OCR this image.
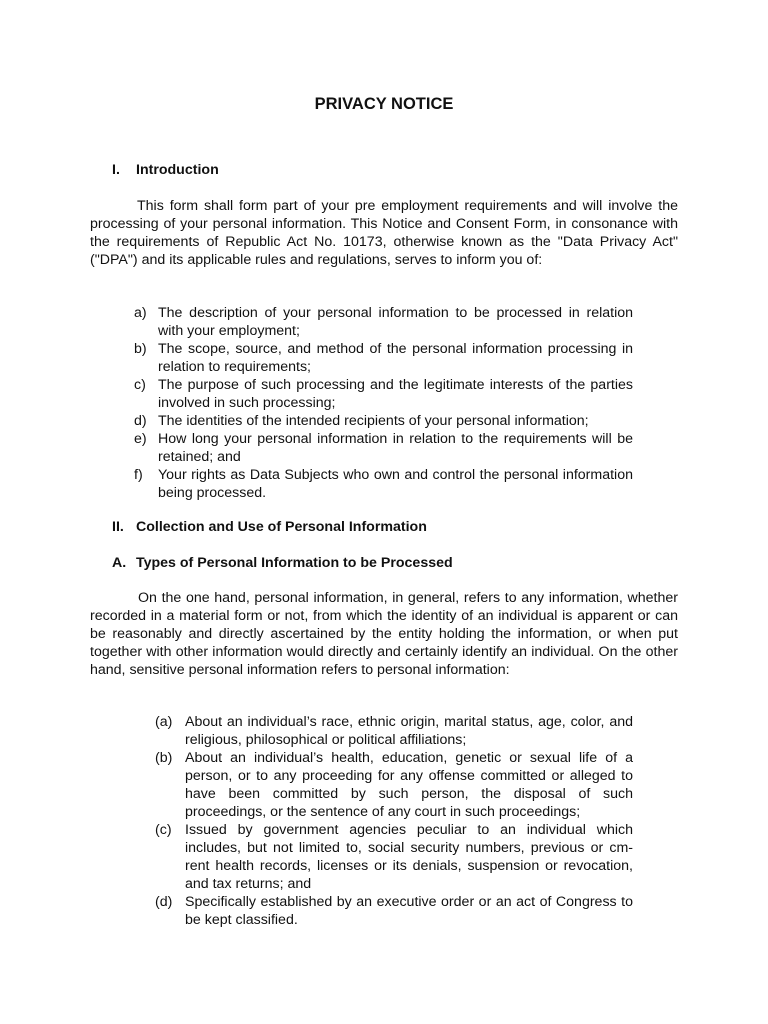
PRIVACY NOTICE

I. Introduction

This form shall form part of your pre employment requirements and will involve the processing of your personal information. This Notice and Consent Form, in consonance with the requirements of Republic Act No. 10173, otherwise known as the "Data Privacy Act" ("DPA") and its applicable rules and regulations, serves to inform you of:

a) The description of your personal information to be processed in relation with your employment;
b) The scope, source, and method of the personal information processing in relation to requirements;
c) The purpose of such processing and the legitimate interests of the parties involved in such processing;
d) The identities of the intended recipients of your personal information;
e) How long your personal information in relation to the requirements will be retained; and
f) Your rights as Data Subjects who own and control the personal information being processed.

II. Collection and Use of Personal Information

A. Types of Personal Information to be Processed

On the one hand, personal information, in general, refers to any information, whether recorded in a material form or not, from which the identity of an individual is apparent or can be reasonably and directly ascertained by the entity holding the information, or when put together with other information would directly and certainly identify an individual. On the other hand, sensitive personal information refers to personal information:

(a) About an individual’s race, ethnic origin, marital status, age, color, and religious, philosophical or political affiliations;
(b) About an individual’s health, education, genetic or sexual life of a person, or to any proceeding for any offense committed or alleged to have been committed by such person, the disposal of such proceedings, or the sentence of any court in such proceedings;
(c) Issued by government agencies peculiar to an individual which includes, but not limited to, social security numbers, previous or cm-rent health records, licenses or its denials, suspension or revocation, and tax returns; and
(d) Specifically established by an executive order or an act of Congress to be kept classified.
